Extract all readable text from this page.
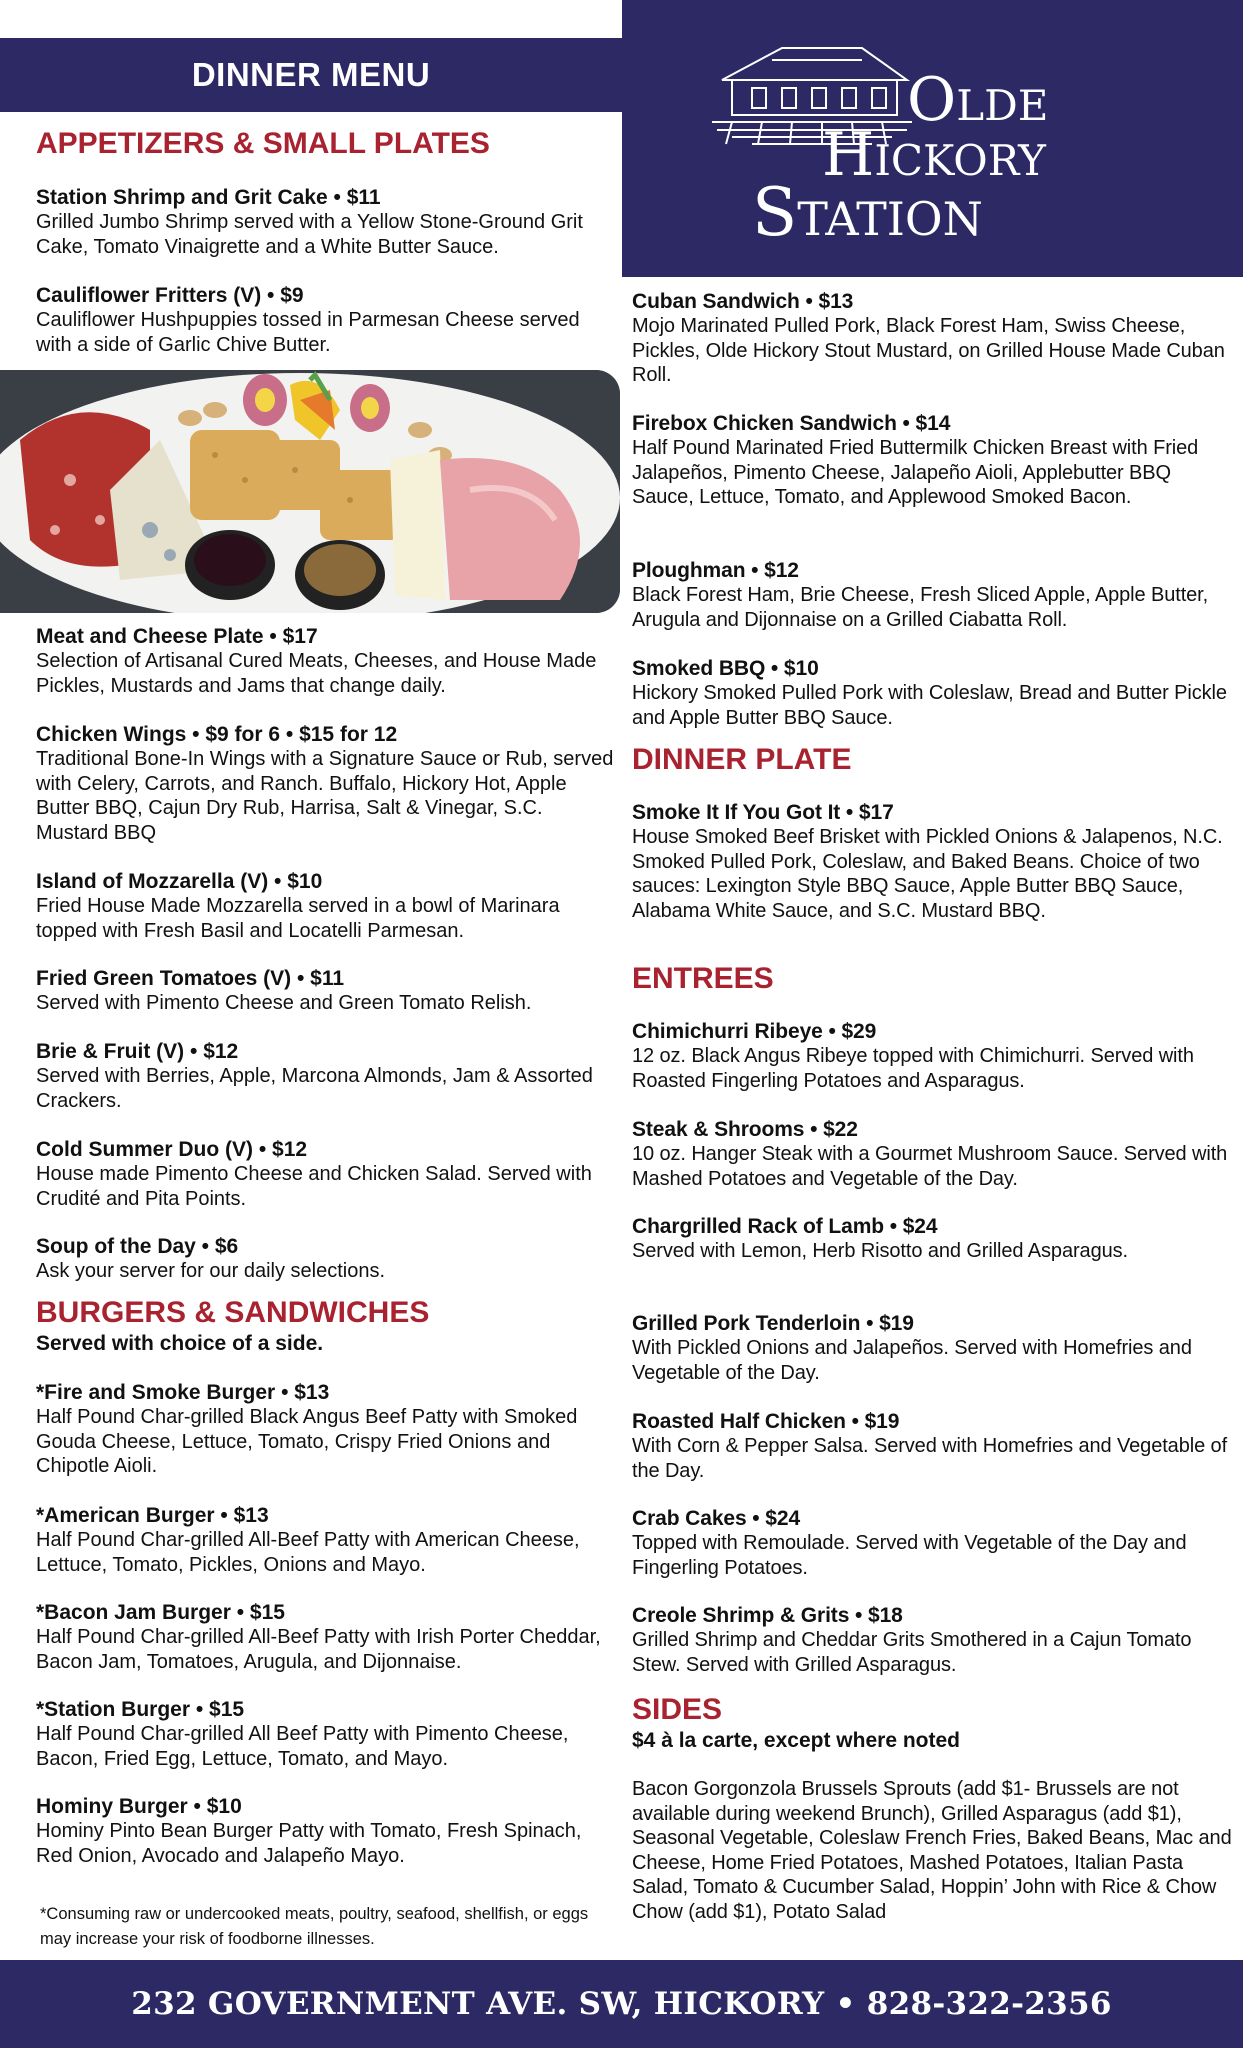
DINNER MENU	Olde
Hickory
Station
APPETIZERS & SMALL PLATES
Station Shrimp and Grit Cake • $11
Grilled Jumbo Shrimp served with a Yellow Stone-Ground Grit Cake, Tomato Vinaigrette and a White Butter Sauce.
Cauliflower Fritters (V) • $9
Cauliflower Hushpuppies tossed in Parmesan Cheese served with a side of Garlic Chive Butter.
Meat and Cheese Plate • $17
Selection of Artisanal Cured Meats, Cheeses, and House Made Pickles, Mustards and Jams that change daily.
Chicken Wings • $9 for 6 • $15 for 12
Traditional Bone-In Wings with a Signature Sauce or Rub, served with Celery, Carrots, and Ranch. Buffalo, Hickory Hot, Apple Butter BBQ, Cajun Dry Rub, Harrisa, Salt & Vinegar, S.C. Mustard BBQ
Island of Mozzarella (V) • $10
Fried House Made Mozzarella served in a bowl of Marinara topped with Fresh Basil and Locatelli Parmesan.
Fried Green Tomatoes (V) • $11
Served with Pimento Cheese and Green Tomato Relish.
Brie & Fruit (V) • $12
Served with Berries, Apple, Marcona Almonds, Jam & Assorted Crackers.
Cold Summer Duo (V) • $12
House made Pimento Cheese and Chicken Salad. Served with Crudité and Pita Points.
Soup of the Day • $6
Ask your server for our daily selections.
BURGERS & SANDWICHES
Served with choice of a side.
*Fire and Smoke Burger • $13
Half Pound Char-grilled Black Angus Beef Patty with Smoked Gouda Cheese, Lettuce, Tomato, Crispy Fried Onions and Chipotle Aioli.
*American Burger • $13
Half Pound Char-grilled All-Beef Patty with American Cheese, Lettuce, Tomato, Pickles, Onions and Mayo.
*Bacon Jam Burger • $15
Half Pound Char-grilled All-Beef Patty with Irish Porter Cheddar, Bacon Jam, Tomatoes, Arugula, and Dijonnaise.
*Station Burger • $15
Half Pound Char-grilled All Beef Patty with Pimento Cheese, Bacon, Fried Egg, Lettuce, Tomato, and Mayo.
Hominy Burger • $10
Hominy Pinto Bean Burger Patty with Tomato, Fresh Spinach, Red Onion, Avocado and Jalapeño Mayo.
*Consuming raw or undercooked meats, poultry, seafood, shellfish, or eggs may increase your risk of foodborne illnesses.
Cuban Sandwich • $13
Mojo Marinated Pulled Pork, Black Forest Ham, Swiss Cheese, Pickles, Olde Hickory Stout Mustard, on Grilled House Made Cuban Roll.
Firebox Chicken Sandwich • $14
Half Pound Marinated Fried Buttermilk Chicken Breast with Fried Jalapeños, Pimento Cheese, Jalapeño Aioli, Applebutter BBQ Sauce, Lettuce, Tomato, and Applewood Smoked Bacon.
Ploughman • $12
Black Forest Ham, Brie Cheese, Fresh Sliced Apple, Apple Butter, Arugula and Dijonnaise on a Grilled Ciabatta Roll.
Smoked BBQ • $10
Hickory Smoked Pulled Pork with Coleslaw, Bread and Butter Pickle and Apple Butter BBQ Sauce.
DINNER PLATE
Smoke It If You Got It • $17
House Smoked Beef Brisket with Pickled Onions & Jalapenos, N.C. Smoked Pulled Pork, Coleslaw, and Baked Beans. Choice of two sauces: Lexington Style BBQ Sauce, Apple Butter BBQ Sauce, Alabama White Sauce, and S.C. Mustard BBQ.
ENTREES
Chimichurri Ribeye • $29
12 oz. Black Angus Ribeye topped with Chimichurri. Served with Roasted Fingerling Potatoes and Asparagus.
Steak & Shrooms • $22
10 oz. Hanger Steak with a Gourmet Mushroom Sauce. Served with Mashed Potatoes and Vegetable of the Day.
Chargrilled Rack of Lamb • $24
Served with Lemon, Herb Risotto and Grilled Asparagus.
Grilled Pork Tenderloin • $19
With Pickled Onions and Jalapeños. Served with Homefries and Vegetable of the Day.
Roasted Half Chicken • $19
With Corn & Pepper Salsa. Served with Homefries and Vegetable of the Day.
Crab Cakes • $24
Topped with Remoulade. Served with Vegetable of the Day and Fingerling Potatoes.
Creole Shrimp & Grits • $18
Grilled Shrimp and Cheddar Grits Smothered in a Cajun Tomato Stew. Served with Grilled Asparagus.
SIDES
$4 à la carte, except where noted
Bacon Gorgonzola Brussels Sprouts (add $1- Brussels are not available during weekend Brunch), Grilled Asparagus (add $1), Seasonal Vegetable, Coleslaw French Fries, Baked Beans, Mac and Cheese, Home Fried Potatoes, Mashed Potatoes, Italian Pasta Salad, Tomato & Cucumber Salad, Hoppin’ John with Rice & Chow Chow (add $1), Potato Salad
232 GOVERNMENT AVE. SW, HICKORY • 828-322-2356
